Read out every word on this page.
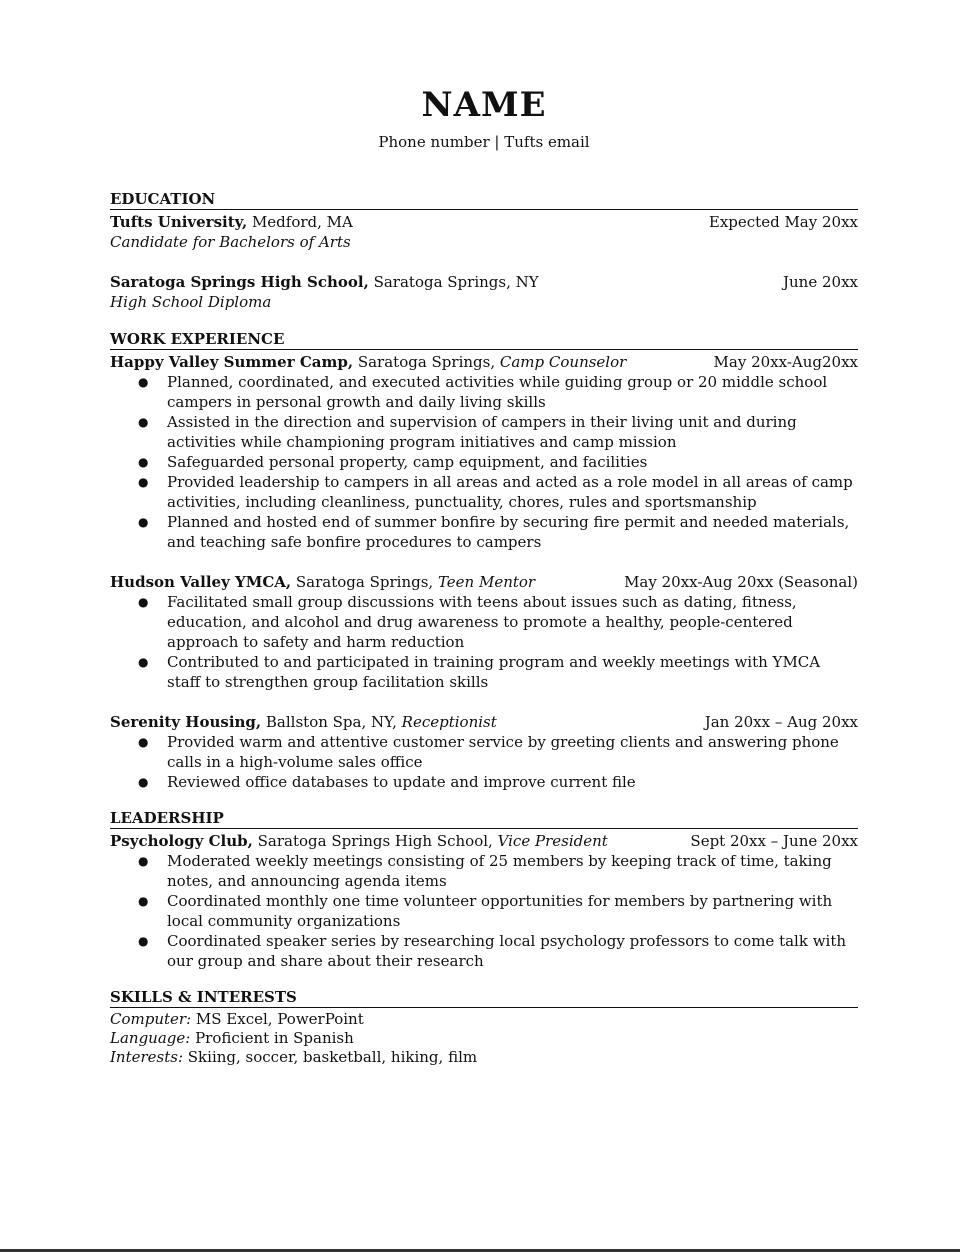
NAME
Phone number | Tufts email
EDUCATION
Tufts University, Medford, MA	Expected May 20xx
Candidate for Bachelors of Arts
Saratoga Springs High School, Saratoga Springs, NY	June 20xx
High School Diploma
WORK EXPERIENCE
Happy Valley Summer Camp, Saratoga Springs, Camp Counselor	May 20xx-Aug20xx
● Planned, coordinated, and executed activities while guiding group or 20 middle school campers in personal growth and daily living skills
● Assisted in the direction and supervision of campers in their living unit and during activities while championing program initiatives and camp mission
● Safeguarded personal property, camp equipment, and facilities
● Provided leadership to campers in all areas and acted as a role model in all areas of camp activities, including cleanliness, punctuality, chores, rules and sportsmanship
● Planned and hosted end of summer bonfire by securing fire permit and needed materials, and teaching safe bonfire procedures to campers
Hudson Valley YMCA, Saratoga Springs, Teen Mentor	May 20xx-Aug 20xx (Seasonal)
● Facilitated small group discussions with teens about issues such as dating, fitness, education, and alcohol and drug awareness to promote a healthy, people-centered approach to safety and harm reduction
● Contributed to and participated in training program and weekly meetings with YMCA staff to strengthen group facilitation skills
Serenity Housing, Ballston Spa, NY, Receptionist	Jan 20xx – Aug 20xx
● Provided warm and attentive customer service by greeting clients and answering phone calls in a high-volume sales office
● Reviewed office databases to update and improve current file
LEADERSHIP
Psychology Club, Saratoga Springs High School, Vice President	Sept 20xx – June 20xx
● Moderated weekly meetings consisting of 25 members by keeping track of time, taking notes, and announcing agenda items
● Coordinated monthly one time volunteer opportunities for members by partnering with local community organizations
● Coordinated speaker series by researching local psychology professors to come talk with our group and share about their research
SKILLS & INTERESTS
Computer: MS Excel, PowerPoint
Language: Proficient in Spanish
Interests: Skiing, soccer, basketball, hiking, film
